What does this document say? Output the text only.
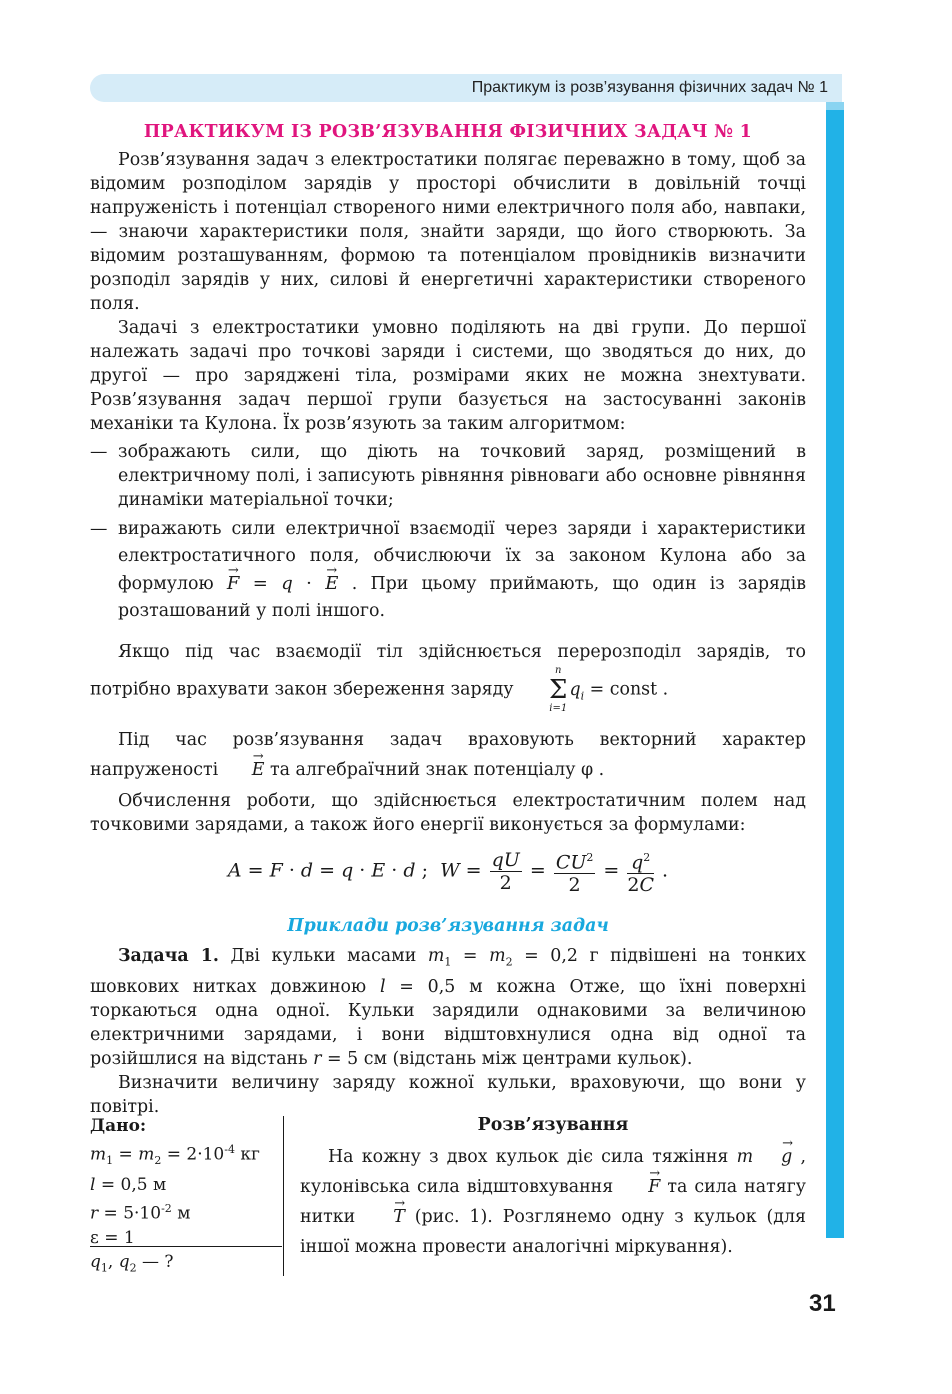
Практикум із розв’язування фізичних задач № 1
ПРАКТИКУМ ІЗ РОЗВ’ЯЗУВАННЯ ФІЗИЧНИХ ЗАДАЧ № 1

Розв’язування задач з електростатики полягає переважно в тому, щоб за відомим розподілом зарядів у просторі обчислити в довільній точці напруженість і потенціал створеного ними електричного поля або, навпаки, — знаючи характеристики поля, знайти заряди, що його створюють. За відомим розташуванням, формою та потенціалом провідників визначити розподіл зарядів у них, силові й енергетичні характеристики створеного поля.

Задачі з електростатики умовно поділяють на дві групи. До першої належать задачі про точкові заряди і системи, що зводяться до них, до другої — про заряджені тіла, розмірами яких не можна знехтувати. Розв’язування задач першої групи базується на застосуванні законів механіки та Кулона. Їх розв’язують за таким алгоритмом:

— зображають сили, що діють на точковий заряд, розміщений в електричному полі, і записують рівняння рівноваги або основне рівняння динаміки матеріальної точки;
— виражають сили електричної взаємодії через заряди і характеристики електростатичного поля, обчислюючи їх за законом Кулона або за формулою → F = q · → E . При цьому приймають, що один із зарядів розташований у полі іншого.

Якщо під час взаємодії тіл здійснюється перерозподіл зарядів, то потрібно врахувати закон збереження заряду
n
Σ
i=1
$q_i$ = const .

Під час розв’язування задач враховують векторний характер напруженості → E та алгебраїчний знак потенціалу φ .

Обчислення роботи, що здійснюється електростатичним полем над точковими зарядами, а також його енергії виконується за формулами:

A = F · d = q · E · d ;  $W = \frac{qU}{2} = \frac{CU^2}{2} = \frac{q^2}{2C}$ .
Приклади розв’язування задач

Задача 1. Дві кульки масами $m_1 = m_2 = 0,2$ г підвішені на тонких шовкових нитках довжиною l = 0,5 м кожна Отже, що їхні поверхні торкаються одна одної. Кульки зарядили однаковими за величиною електричними зарядами, і вони відштовхнулися одна від одної та розійшлися на відстань r = 5 см (відстань між центрами кульок).

Визначити величину заряду кожної кульки, враховуючи, що вони у повітрі.

Дано:
$m_1 = m_2 = 2\cdot 10^{-4}$ кг
l = 0,5 м
$r = 5\cdot 10^{-2}$ м
ε = 1
$q_1$, $q_2$ — ?
Розв’язування

На кожну з двох кульок діє сила тяжіння m → g , кулонівська сила відштовхування → F та сила натягу нитки → T (рис. 1). Розглянемо одну з кульок (для іншої можна провести аналогічні міркування).

31
